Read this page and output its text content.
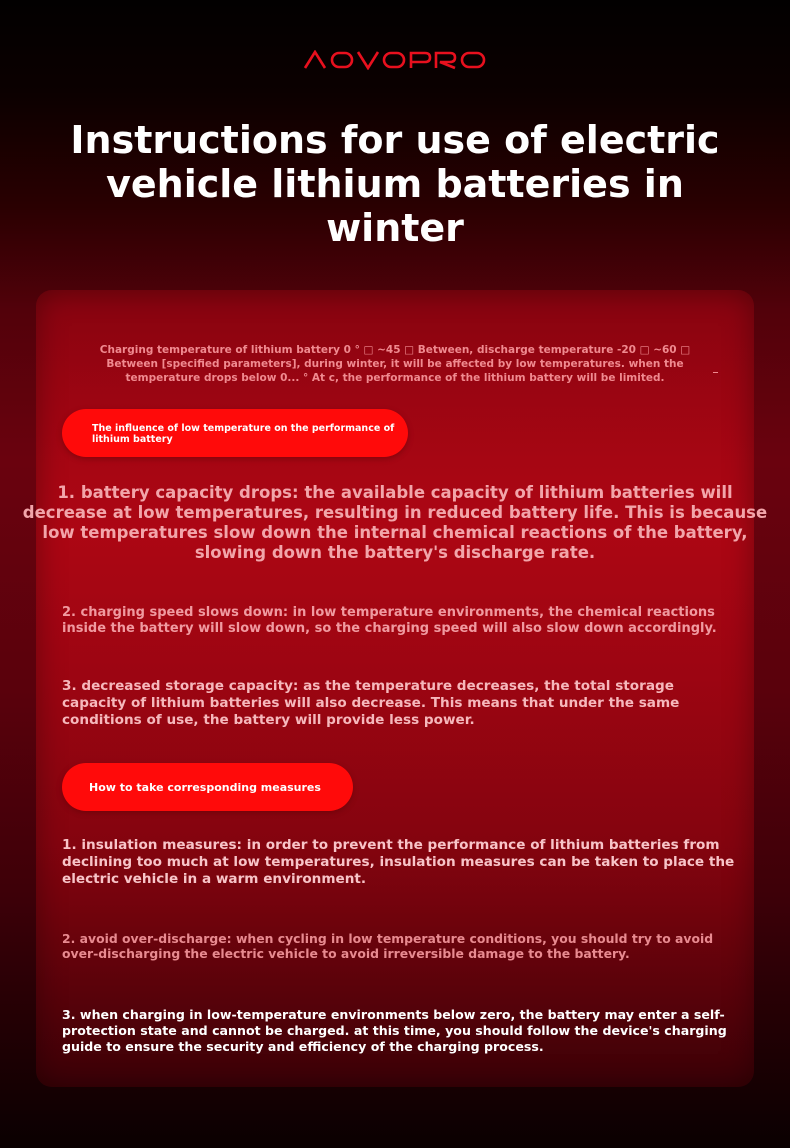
Instructions for use of electric vehicle lithium batteries in winter

Charging temperature of lithium battery 0 ° □ ~45 □ Between, discharge temperature -20 □ ~60 □ Between [specified parameters], during winter, it will be affected by low temperatures. when the temperature drops below 0... ° At c, the performance of the lithium battery will be limited.

The influence of low temperature on the performance of lithium battery

1. battery capacity drops: the available capacity of lithium batteries will decrease at low temperatures, resulting in reduced battery life. This is because low temperatures slow down the internal chemical reactions of the battery, slowing down the battery's discharge rate.

2. charging speed slows down: in low temperature environments, the chemical reactions inside the battery will slow down, so the charging speed will also slow down accordingly.

3. decreased storage capacity: as the temperature decreases, the total storage capacity of lithium batteries will also decrease. This means that under the same conditions of use, the battery will provide less power.

How to take corresponding measures

1. insulation measures: in order to prevent the performance of lithium batteries from declining too much at low temperatures, insulation measures can be taken to place the electric vehicle in a warm environment.

2. avoid over-discharge: when cycling in low temperature conditions, you should try to avoid over-discharging the electric vehicle to avoid irreversible damage to the battery.

3. when charging in low-temperature environments below zero, the battery may enter a self-protection state and cannot be charged. at this time, you should follow the device's charging guide to ensure the security and efficiency of the charging process.
